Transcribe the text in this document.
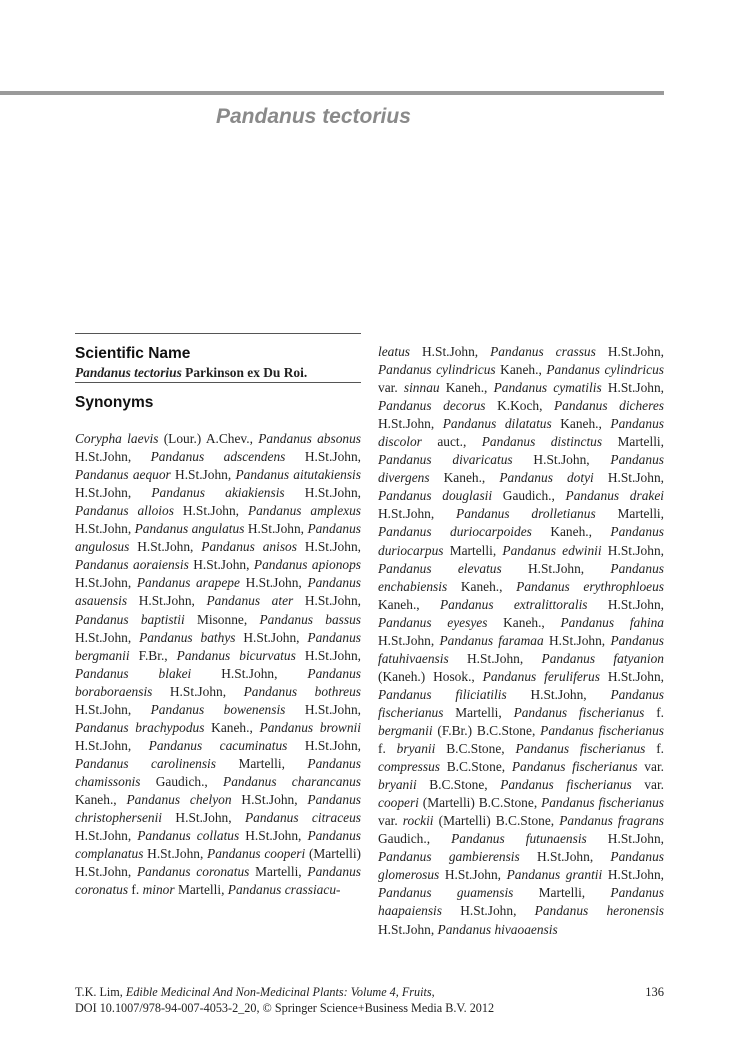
Pandanus tectorius
Scientific Name

Pandanus tectorius Parkinson ex Du Roi.

Synonyms

Corypha laevis (Lour.) A.Chev., Pandanus absonus H.St.John, Pandanus adscendens H.St.John, Pandanus aequor H.St.John, Pandanus aitutakiensis H.St.John, Pandanus akiakiensis H.St.John, Pandanus alloios H.St.John, Pandanus amplexus H.St.John, Pandanus angulatus H.St.John, Pandanus angulosus H.St.John, Pandanus anisos H.St.John, Pandanus aoraiensis H.St.John, Pandanus apionops H.St.John, Pandanus arapepe H.St.John, Pandanus asauensis H.St.John, Pandanus ater H.St.John, Pandanus baptistii Misonne, Pandanus bassus H.St.John, Pandanus bathys H.St.John, Pandanus bergmanii F.Br., Pandanus bicurvatus H.St.John, Pandanus blakei H.St.John, Pandanus boraboraensis H.St.John, Pandanus bothreus H.St.John, Pandanus bowenensis H.St.John, Pandanus brachypodus Kaneh., Pandanus brownii H.St.John, Pandanus cacuminatus H.St.John, Pandanus carolinensis Martelli, Pandanus chamissonis Gaudich., Pandanus charancanus Kaneh., Pandanus chelyon H.St.John, Pandanus christophersenii H.St.John, Pandanus citraceus H.St.John, Pandanus collatus H.St.John, Pandanus complanatus H.St.John, Pandanus cooperi (Martelli) H.St.John, Pandanus coronatus Martelli, Pandanus coronatus f. minor Martelli, Pandanus crassiacu-

leatus H.St.John, Pandanus crassus H.St.John, Pandanus cylindricus Kaneh., Pandanus cylindricus var. sinnau Kaneh., Pandanus cymatilis H.St.John, Pandanus decorus K.Koch, Pandanus dicheres H.St.John, Pandanus dilatatus Kaneh., Pandanus discolor auct., Pandanus distinctus Martelli, Pandanus divaricatus H.St.John, Pandanus divergens Kaneh., Pandanus dotyi H.St.John, Pandanus douglasii Gaudich., Pandanus drakei H.St.John, Pandanus drolletianus Martelli, Pandanus duriocarpoides Kaneh., Pandanus duriocarpus Martelli, Pandanus edwinii H.St.John, Pandanus elevatus H.St.John, Pandanus enchabiensis Kaneh., Pandanus erythrophloeus Kaneh., Pandanus extralittoralis H.St.John, Pandanus eyesyes Kaneh., Pandanus fahina H.St.John, Pandanus faramaa H.St.John, Pandanus fatuhivaensis H.St.John, Pandanus fatyanion (Kaneh.) Hosok., Pandanus feruliferus H.St.John, Pandanus filiciatilis H.St.John, Pandanus fischerianus Martelli, Pandanus fischerianus f. bergmanii (F.Br.) B.C.Stone, Pandanus fischerianus f. bryanii B.C.Stone, Pandanus fischerianus f. compressus B.C.Stone, Pandanus fischerianus var. bryanii B.C.Stone, Pandanus fischerianus var. cooperi (Martelli) B.C.Stone, Pandanus fischerianus var. rockii (Martelli) B.C.Stone, Pandanus fragrans Gaudich., Pandanus futunaensis H.St.John, Pandanus gambierensis H.St.John, Pandanus glomerosus H.St.John, Pandanus grantii H.St.John, Pandanus guamensis Martelli, Pandanus haapaiensis H.St.John, Pandanus heronensis H.St.John, Pandanus hivaoaensis

T.K. Lim, Edible Medicinal And Non-Medicinal Plants: Volume 4, Fruits,
DOI 10.1007/978-94-007-4053-2_20, © Springer Science+Business Media B.V. 2012
136
